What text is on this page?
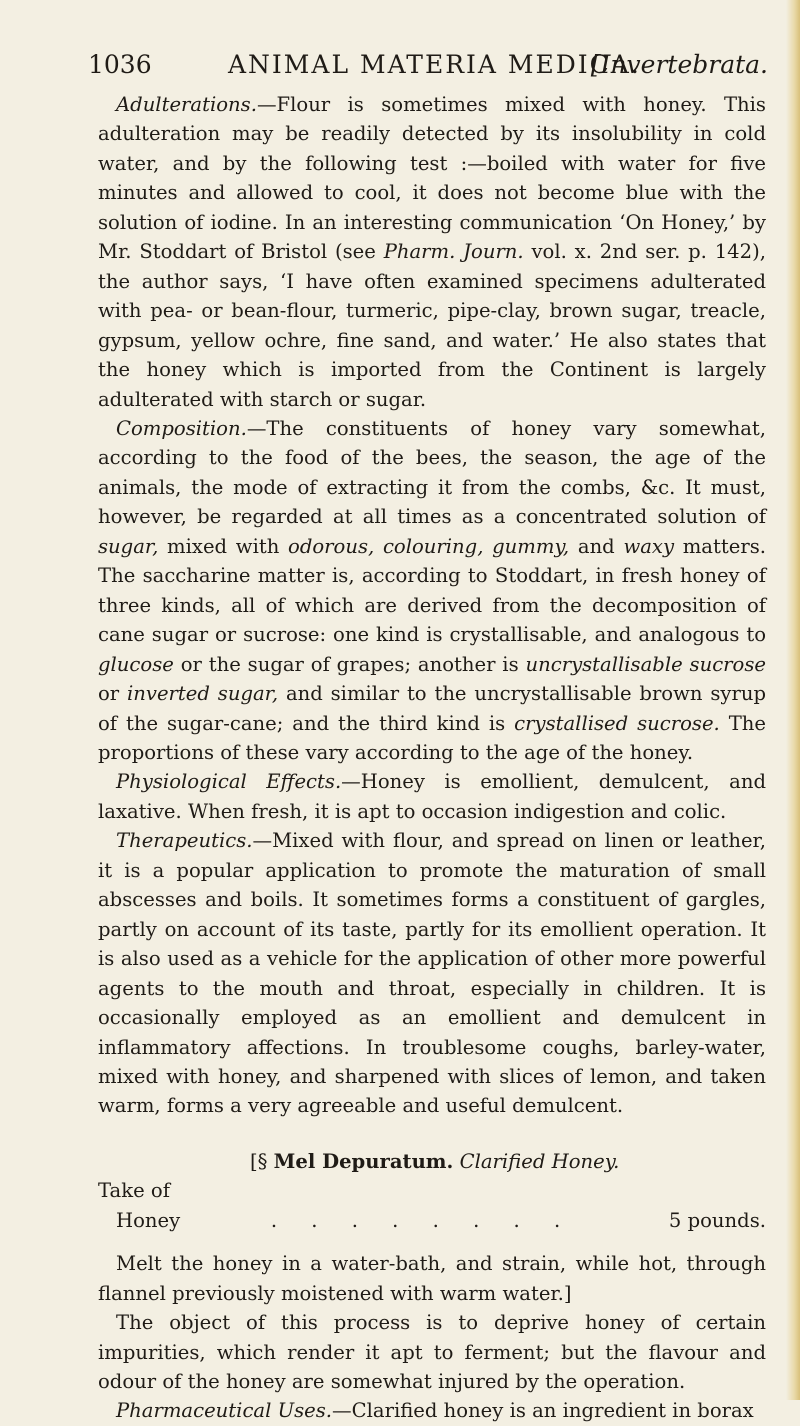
1036	ANIMAL MATERIA MEDICA.
[Invertebrata.

Adulterations.—Flour is sometimes mixed with honey. This adulteration may be readily detected by its insolubility in cold water, and by the following test :—boiled with water for five minutes and allowed to cool, it does not become blue with the solution of iodine. In an interesting communication ‘On Honey,’ by Mr. Stoddart of Bristol (see Pharm. Journ. vol. x. 2nd ser. p. 142), the author says, ‘I have often examined specimens adulterated with pea- or bean-flour, turmeric, pipe-clay, brown sugar, treacle, gypsum, yellow ochre, fine sand, and water.’ He also states that the honey which is imported from the Continent is largely adulterated with starch or sugar.

Composition.—The constituents of honey vary somewhat, according to the food of the bees, the season, the age of the animals, the mode of extracting it from the combs, &c. It must, however, be regarded at all times as a concentrated solution of sugar, mixed with odorous, colouring, gummy, and waxy matters. The saccharine matter is, according to Stoddart, in fresh honey of three kinds, all of which are derived from the decomposition of cane sugar or sucrose: one kind is crystallisable, and analogous to glucose or the sugar of grapes; another is uncrystallisable sucrose or inverted sugar, and similar to the uncrystallisable brown syrup of the sugar-cane; and the third kind is crystallised sucrose. The proportions of these vary according to the age of the honey.

Physiological Effects.—Honey is emollient, demulcent, and laxative. When fresh, it is apt to occasion indigestion and colic.

Therapeutics.—Mixed with flour, and spread on linen or leather, it is a popular application to promote the maturation of small abscesses and boils. It sometimes forms a constituent of gargles, partly on account of its taste, partly for its emollient operation. It is also used as a vehicle for the application of other more powerful agents to the mouth and throat, especially in children. It is occasionally employed as an emollient and demulcent in inflammatory affections. In troublesome coughs, barley-water, mixed with honey, and sharpened with slices of lemon, and taken warm, forms a very agreeable and useful demulcent.

[§ Mel Depuratum. Clarified Honey.

Take of

Honey	. . . . . . . .	5 pounds.

Melt the honey in a water-bath, and strain, while hot, through flannel previously moistened with warm water.]

The object of this process is to deprive honey of certain impurities, which render it apt to ferment; but the flavour and odour of the honey are somewhat injured by the operation.

Pharmaceutical Uses.—Clarified honey is an ingredient in borax
